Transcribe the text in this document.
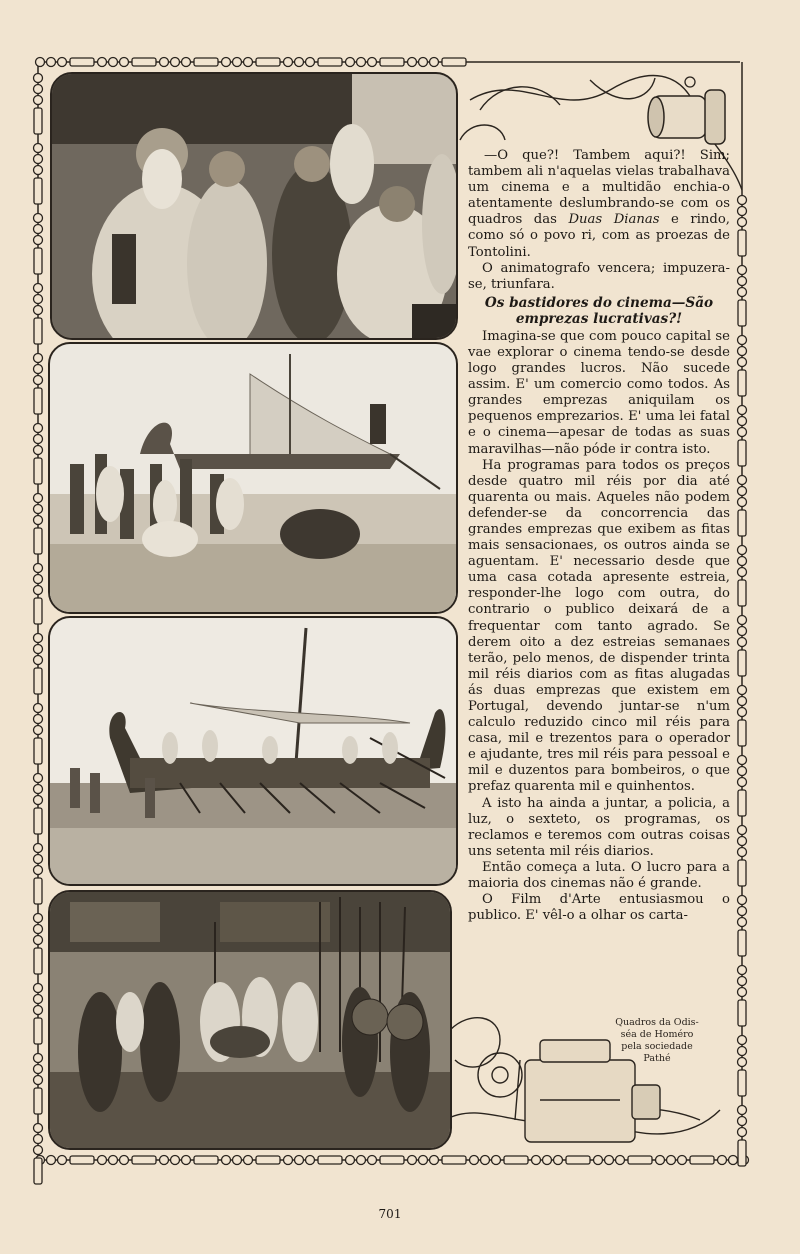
—O que?! Tambem aqui?! Sim; tambem ali n'aquelas vielas trabalhava um cinema e a multidão enchia-o atentamente deslumbrando-se com os quadros das Duas Dianas e rindo, como só o povo ri, com as proezas de Tontolini.

O animatografo vencera; impuzera-se, triunfara.

Os bastidores do cinema—São emprezas lucrativas?!

Imagina-se que com pouco capital se vae explorar o cinema tendo-se desde logo grandes lucros. Não sucede assim. E' um comercio como todos. As grandes emprezas aniquilam os pequenos emprezarios. E' uma lei fatal e o cinema—apesar de todas as suas maravilhas—não póde ir contra isto.

Ha programas para todos os preços desde quatro mil réis por dia até quarenta ou mais. Aqueles não podem defender-se da concorrencia das grandes emprezas que exibem as fitas mais sensacionaes, os outros ainda se aguentam. E' necessario desde que uma casa cotada apresente estreia, responder-lhe logo com outra, do contrario o publico deixará de a frequentar com tanto agrado. Se derem oito a dez estreias semanaes terão, pelo menos, de dispender trinta mil réis diarios com as fitas alugadas ás duas emprezas que existem em Portugal, devendo juntar-se n'um calculo reduzido cinco mil réis para casa, mil e trezentos para o operador e ajudante, tres mil réis para pessoal e mil e duzentos para bombeiros, o que prefaz quarenta mil e quinhentos.

A isto ha ainda a juntar, a policia, a luz, o sexteto, os programas, os reclamos e teremos com outras coisas uns setenta mil réis diarios.

Então começa a luta. O lucro para a maioria dos cinemas não é grande.

O Film d'Arte entusiasmou o publico. E' vêl-o a olhar os carta-

Quadros da Odis-
séa de Homéro
pela sociedade
Pathé
701
